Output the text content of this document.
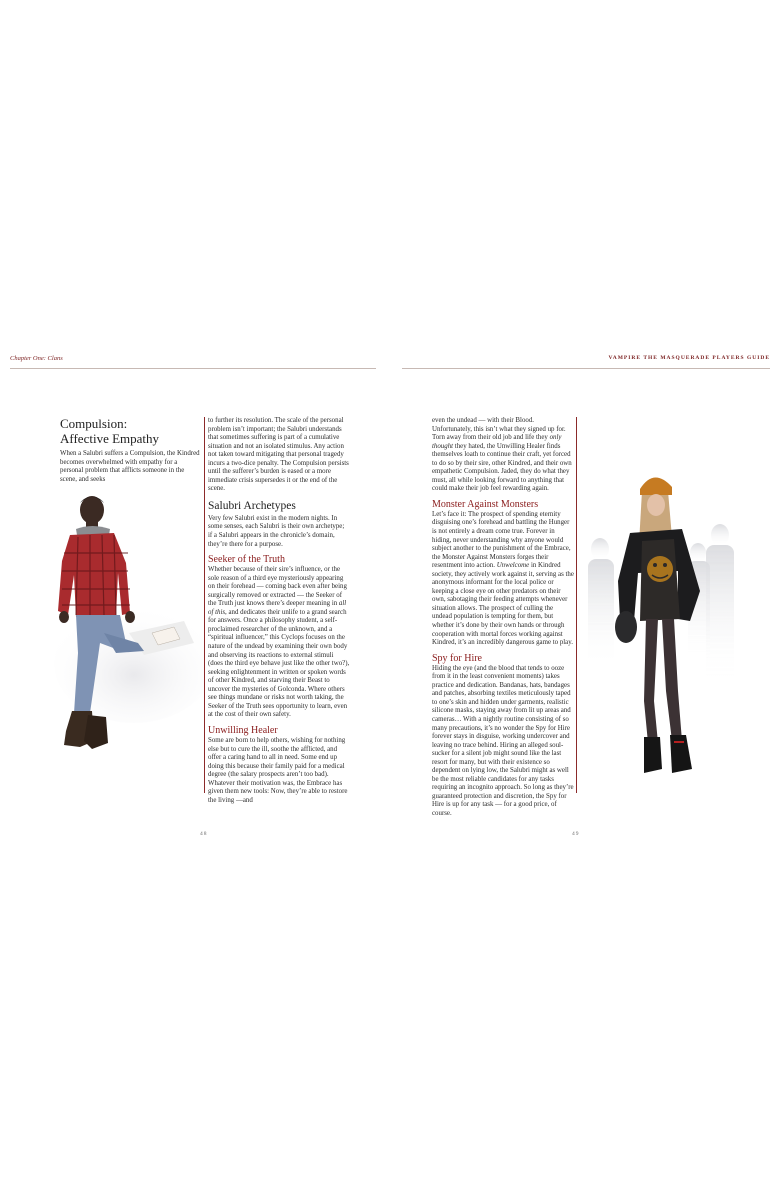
Chapter One: Clans
Compulsion:
Affective Empathy

When a Salubri suffers a Compulsion, the Kindred becomes overwhelmed with empathy for a personal problem that afflicts someone in the scene, and seeks

to further its resolution. The scale of the personal problem isn’t important; the Salubri understands that sometimes suffering is part of a cumulative situation and not an isolated stimulus. Any action not taken toward mitigating that personal tragedy incurs a two-dice penalty. The Compulsion persists until the sufferer’s burden is eased or a more immediate crisis supersedes it or the end of the scene.

Salubri Archetypes

Very few Salubri exist in the modern nights. In some senses, each Salubri is their own archetype; if a Salubri appears in the chronicle’s domain, they’re there for a purpose.

Seeker of the Truth

Whether because of their sire’s influence, or the sole reason of a third eye mysteriously appearing on their forehead — coming back even after being surgically removed or extracted — the Seeker of the Truth just knows there’s deeper meaning in all of this, and dedicates their unlife to a grand search for answers. Once a philosophy student, a self-proclaimed researcher of the unknown, and a “spiritual influencer,” this Cyclops focuses on the nature of the undead by examining their own body and observing its reactions to external stimuli (does the third eye behave just like the other two?), seeking enlightenment in written or spoken words of other Kindred, and starving their Beast to uncover the mysteries of Golconda. Where others see things mundane or risks not worth taking, the Seeker of the Truth sees opportunity to learn, even at the cost of their own safety.

Unwilling Healer

Some are born to help others, wishing for nothing else but to cure the ill, soothe the afflicted, and offer a caring hand to all in need. Some end up doing this because their family paid for a medical degree (the salary prospects aren’t too bad). Whatever their motivation was, the Embrace has given them new tools: Now, they’re able to restore the living —and

48
VAMPIRE THE MASQUERADE PLAYERS GUIDE

even the undead — with their Blood. Unfortunately, this isn’t what they signed up for. Torn away from their old job and life they only thought they hated, the Unwilling Healer finds themselves loath to continue their craft, yet forced to do so by their sire, other Kindred, and their own empathetic Compulsion. Jaded, they do what they must, all while looking forward to anything that could make their job feel rewarding again.

Monster Against Monsters

Let’s face it: The prospect of spending eternity disguising one’s forehead and battling the Hunger is not entirely a dream come true. Forever in hiding, never understanding why anyone would subject another to the punishment of the Embrace, the Monster Against Monsters forges their resentment into action. Unwelcome in Kindred society, they actively work against it, serving as the anonymous informant for the local police or keeping a close eye on other predators on their own, sabotaging their feeding attempts whenever situation allows. The prospect of culling the undead population is tempting for them, but whether it’s done by their own hands or through cooperation with mortal forces working against Kindred, it’s an incredibly dangerous game to play.

Spy for Hire

Hiding the eye (and the blood that tends to ooze from it in the least convenient moments) takes practice and dedication. Bandanas, hats, bandages and patches, absorbing textiles meticulously taped to one’s skin and hidden under garments, realistic silicone masks, staying away from lit up areas and cameras… With a nightly routine consisting of so many precautions, it’s no wonder the Spy for Hire forever stays in disguise, working undercover and leaving no trace behind. Hiring an alleged soul-sucker for a silent job might sound like the last resort for many, but with their existence so dependent on lying low, the Salubri might as well be the most reliable candidates for any tasks requiring an incognito approach. So long as they’re guaranteed protection and discretion, the Spy for Hire is up for any task — for a good price, of course.

49
